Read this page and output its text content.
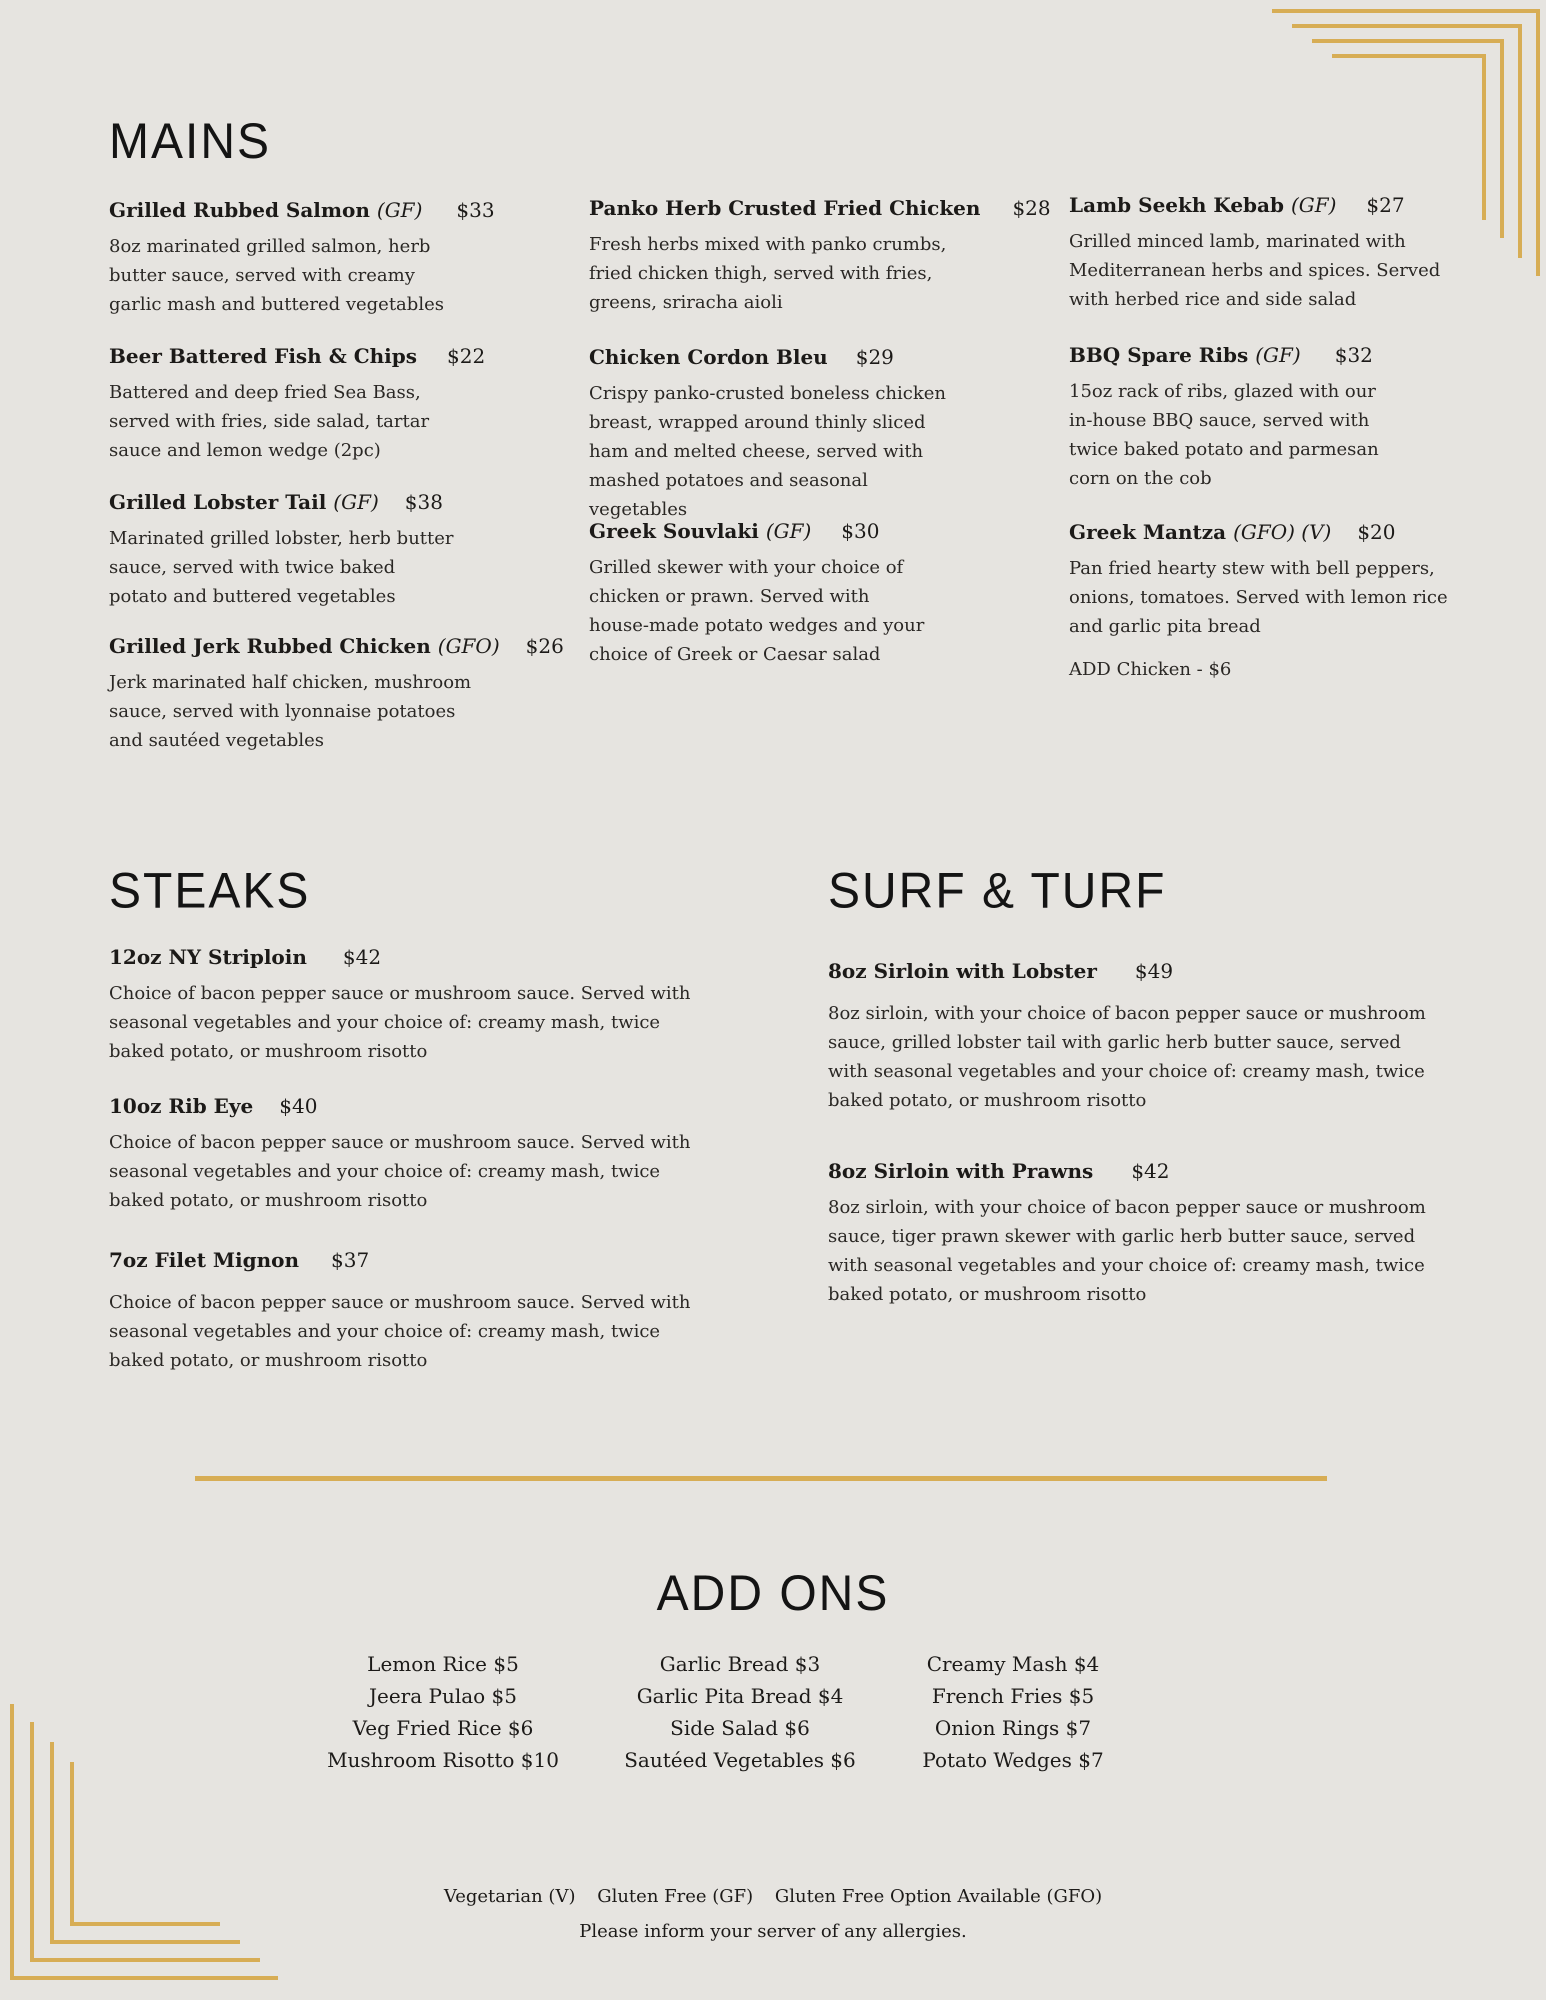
MAINS
Grilled Rubbed Salmon (GF) $33
8oz marinated grilled salmon, herb butter sauce, served with creamy garlic mash and buttered vegetables
Beer Battered Fish & Chips $22
Battered and deep fried Sea Bass, served with fries, side salad, tartar sauce and lemon wedge (2pc)
Grilled Lobster Tail (GF) $38
Marinated grilled lobster, herb butter sauce, served with twice baked potato and buttered vegetables
Grilled Jerk Rubbed Chicken (GFO) $26
Jerk marinated half chicken, mushroom sauce, served with lyonnaise potatoes and sautéed vegetables
Panko Herb Crusted Fried Chicken $28
Fresh herbs mixed with panko crumbs, fried chicken thigh, served with fries, greens, sriracha aioli
Chicken Cordon Bleu $29
Crispy panko-crusted boneless chicken breast, wrapped around thinly sliced ham and melted cheese, served with mashed potatoes and seasonal vegetables
Greek Souvlaki (GF) $30
Grilled skewer with your choice of chicken or prawn. Served with house-made potato wedges and your choice of Greek or Caesar salad
Lamb Seekh Kebab (GF) $27
Grilled minced lamb, marinated with Mediterranean herbs and spices. Served with herbed rice and side salad
BBQ Spare Ribs (GF) $32
15oz rack of ribs, glazed with our in-house BBQ sauce, served with twice baked potato and parmesan corn on the cob
Greek Mantza (GFO) (V) $20
Pan fried hearty stew with bell peppers, onions, tomatoes. Served with lemon rice and garlic pita bread
ADD Chicken - $6
STEAKS
12oz NY Striploin $42
Choice of bacon pepper sauce or mushroom sauce. Served with seasonal vegetables and your choice of: creamy mash, twice baked potato, or mushroom risotto
10oz Rib Eye $40
Choice of bacon pepper sauce or mushroom sauce. Served with seasonal vegetables and your choice of: creamy mash, twice baked potato, or mushroom risotto
7oz Filet Mignon $37
Choice of bacon pepper sauce or mushroom sauce. Served with seasonal vegetables and your choice of: creamy mash, twice baked potato, or mushroom risotto
SURF & TURF
8oz Sirloin with Lobster $49
8oz sirloin, with your choice of bacon pepper sauce or mushroom sauce, grilled lobster tail with garlic herb butter sauce, served with seasonal vegetables and your choice of: creamy mash, twice baked potato, or mushroom risotto
8oz Sirloin with Prawns $42
8oz sirloin, with your choice of bacon pepper sauce or mushroom sauce, tiger prawn skewer with garlic herb butter sauce, served with seasonal vegetables and your choice of: creamy mash, twice baked potato, or mushroom risotto
ADD ONS
Lemon Rice $5
Jeera Pulao $5
Veg Fried Rice $6
Mushroom Risotto $10
Garlic Bread $3
Garlic Pita Bread $4
Side Salad $6
Sautéed Vegetables $6
Creamy Mash $4
French Fries $5
Onion Rings $7
Potato Wedges $7
Vegetarian (V) Gluten Free (GF) Gluten Free Option Available (GFO)
Please inform your server of any allergies.
